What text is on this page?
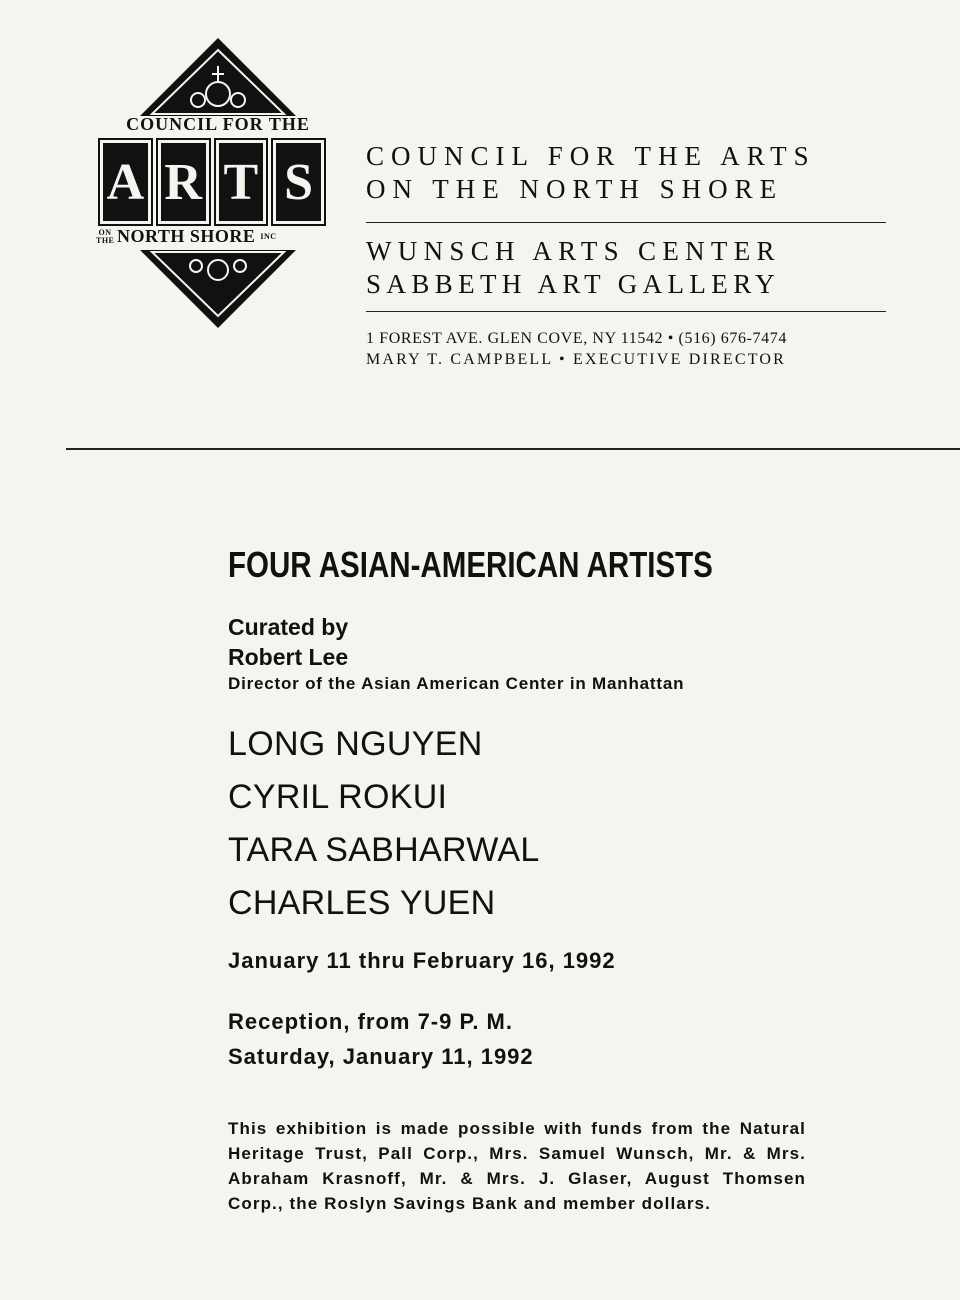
COUNCIL FOR THE
A R T S
ON THE NORTH SHORE INC
COUNCIL FOR THE ARTS
ON THE NORTH SHORE
WUNSCH ARTS CENTER
SABBETH ART GALLERY
1 FOREST AVE. GLEN COVE, NY 11542 • (516) 676-7474
MARY T. CAMPBELL • EXECUTIVE DIRECTOR
FOUR ASIAN-AMERICAN ARTISTS
Curated by
Robert Lee
Director of the Asian American Center in Manhattan
LONG NGUYEN
CYRIL ROKUI
TARA SABHARWAL
CHARLES YUEN
January 11 thru February 16, 1992
Reception, from 7-9 P. M.
Saturday, January 11, 1992
This exhibition is made possible with funds from the Natural Heritage Trust, Pall Corp., Mrs. Samuel Wunsch, Mr. & Mrs. Abraham Krasnoff, Mr. & Mrs. J. Glaser, August Thomsen Corp., the Roslyn Savings Bank and member dollars.
